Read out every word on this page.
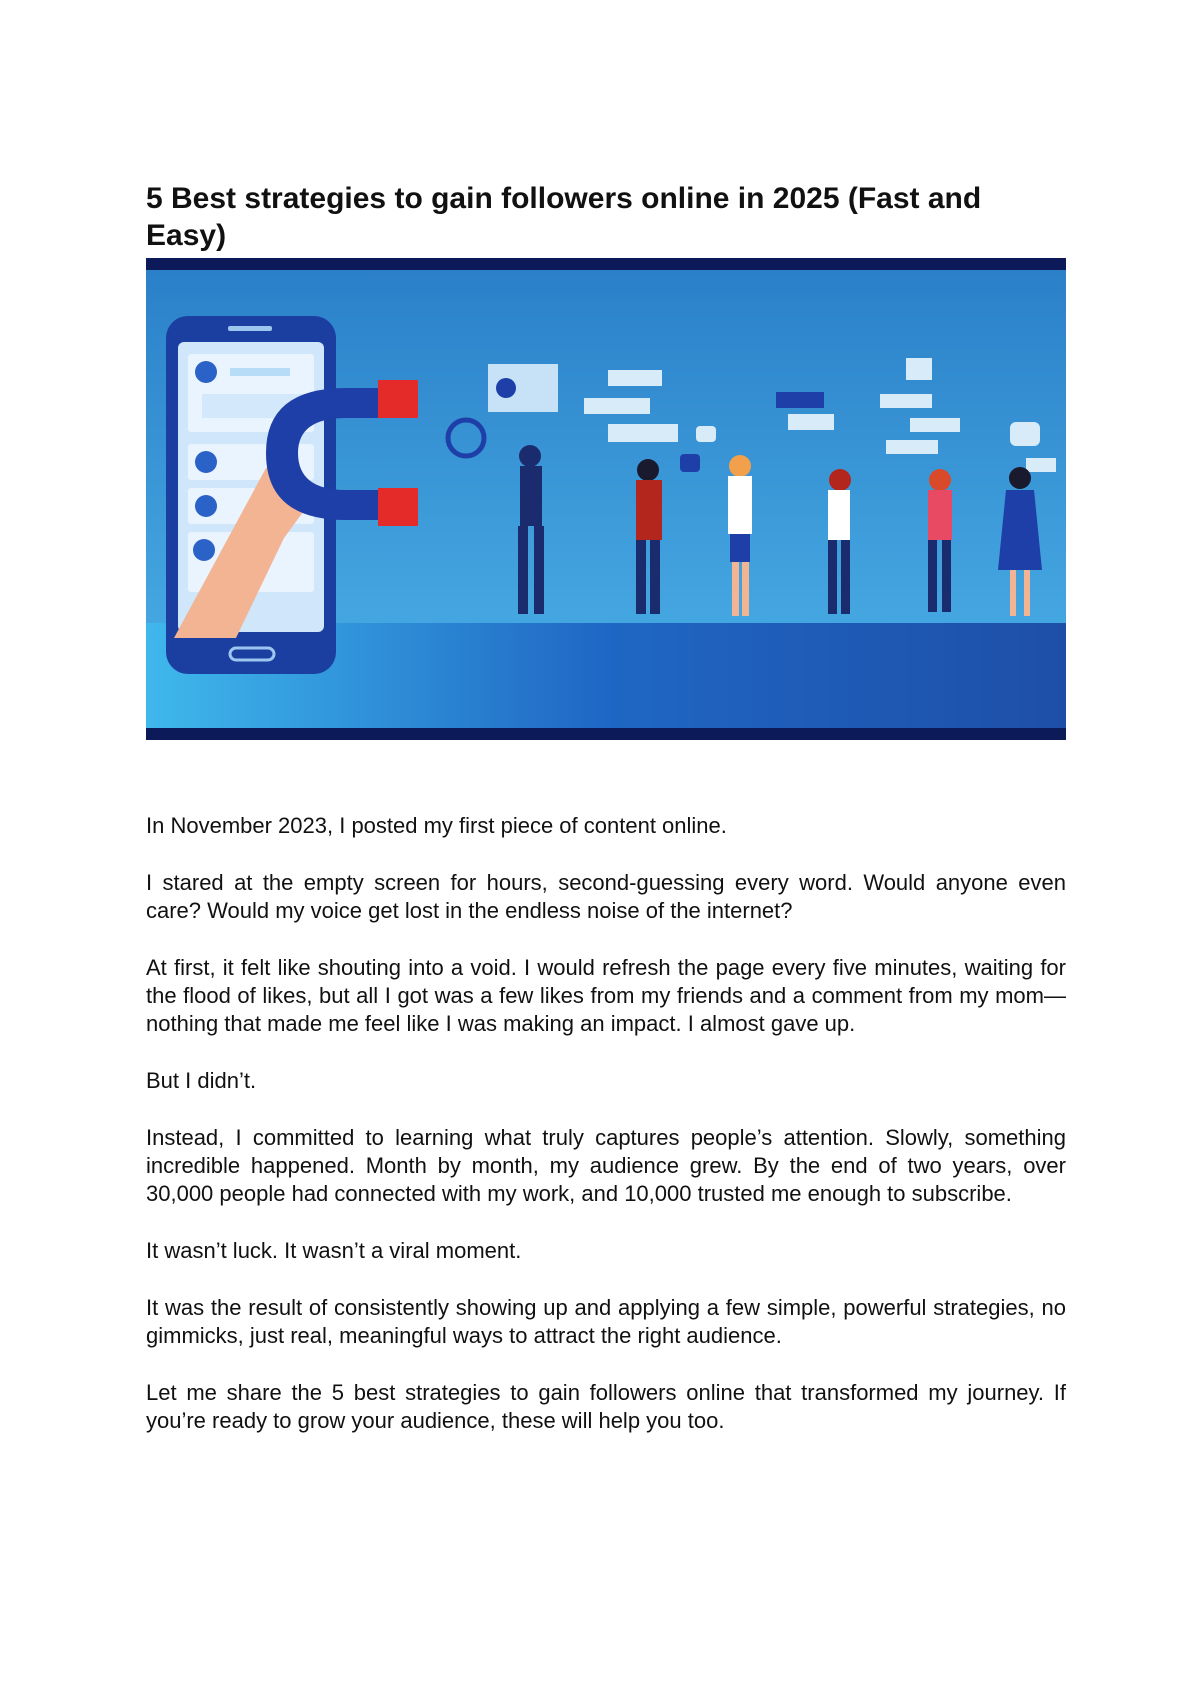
5 Best strategies to gain followers online in 2025 (Fast and Easy)

In November 2023, I posted my first piece of content online.

I stared at the empty screen for hours, second-guessing every word. Would anyone even care? Would my voice get lost in the endless noise of the internet?

At first, it felt like shouting into a void. I would refresh the page every five minutes, waiting for the flood of likes, but all I got was a few likes from my friends and a comment from my mom—nothing that made me feel like I was making an impact. I almost gave up.

But I didn’t.

Instead, I committed to learning what truly captures people’s attention. Slowly, something incredible happened. Month by month, my audience grew. By the end of two years, over 30,000 people had connected with my work, and 10,000 trusted me enough to subscribe.

It wasn’t luck. It wasn’t a viral moment.

It was the result of consistently showing up and applying a few simple, powerful strategies, no gimmicks, just real, meaningful ways to attract the right audience.

Let me share the 5 best strategies to gain followers online that transformed my journey. If you’re ready to grow your audience, these will help you too.
